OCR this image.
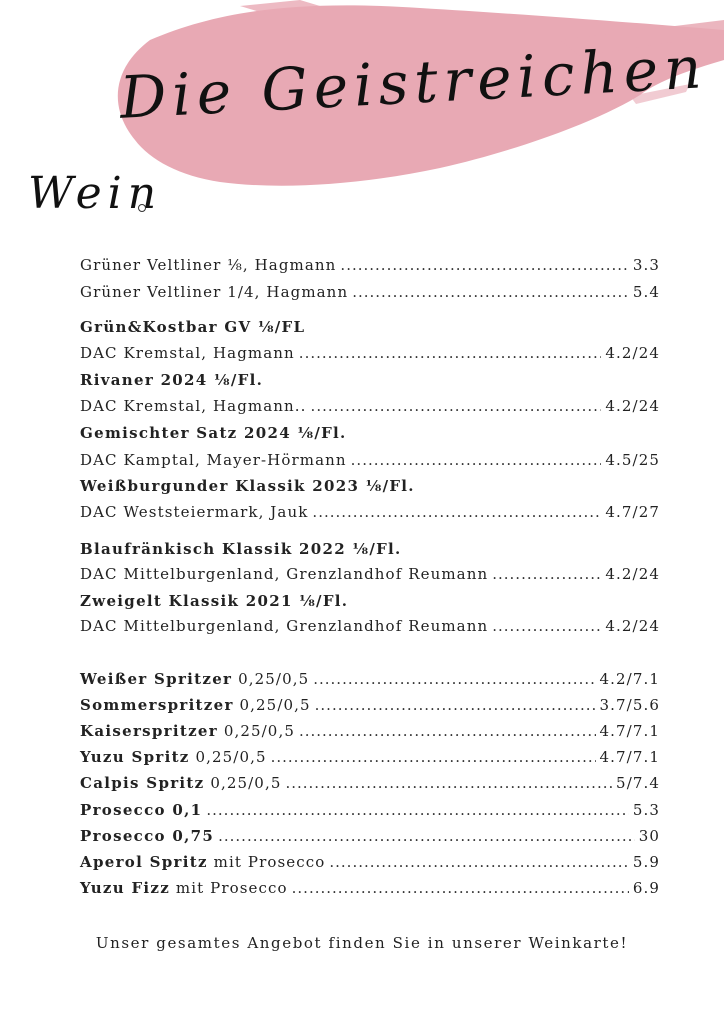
Die Geistreichen
Wein
Grüner Veltliner ⅛, Hagmann .....	3.3
Grüner Veltliner 1/4, Hagmann .....	5.4
Grün&Kostbar GV ⅛/FL
DAC Kremstal, Hagmann .....	4.2/24
Rivaner 2024 ⅛/Fl.
DAC Kremstal, Hagmann.. .....	4.2/24
Gemischter Satz 2024 ⅛/Fl.
DAC Kamptal, Mayer-Hörmann .....	4.5/25
Weißburgunder Klassik 2023 ⅛/Fl.
DAC Weststeiermark, Jauk .....	4.7/27
Blaufränkisch Klassik 2022 ⅛/Fl.
DAC Mittelburgenland, Grenzlandhof Reumann .....	4.2/24
Zweigelt Klassik 2021 ⅛/Fl.
DAC Mittelburgenland, Grenzlandhof Reumann .....	4.2/24
Weißer Spritzer 0,25/0,5 .....	4.2/7.1
Sommerspritzer 0,25/0,5 .....	3.7/5.6
Kaiserspritzer 0,25/0,5 .....	4.7/7.1
Yuzu Spritz 0,25/0,5 .....	4.7/7.1
Calpis Spritz 0,25/0,5 .....	5/7.4
Prosecco 0,1 .....	5.3
Prosecco 0,75 .....	30
Aperol Spritz mit Prosecco .....	5.9
Yuzu Fizz mit Prosecco .....	6.9
Unser gesamtes Angebot finden Sie in unserer Weinkarte!
